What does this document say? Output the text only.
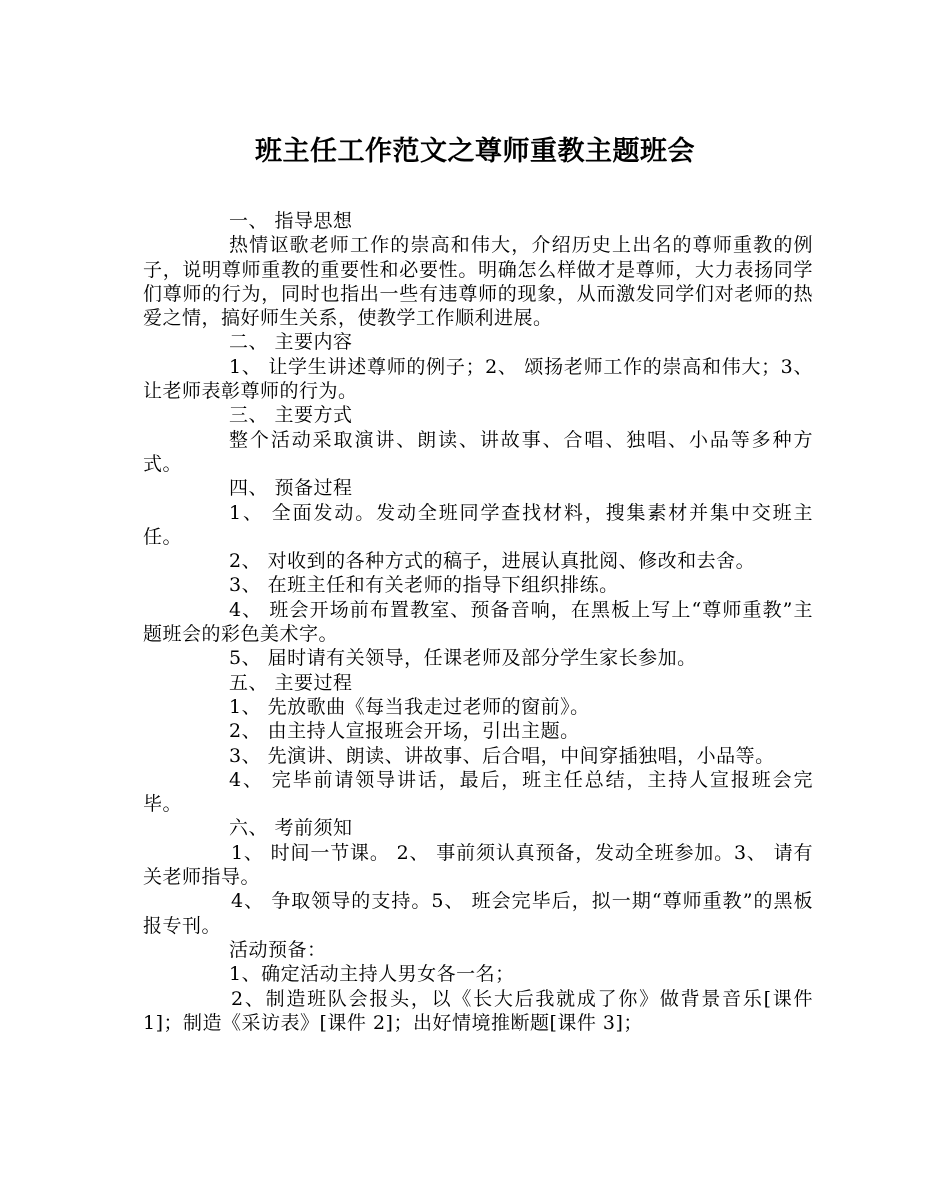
班主任工作范文之尊师重教主题班会

一、 指导思想

热情讴歌老师工作的崇高和伟大，介绍历史上出名的尊师重教的例子，说明尊师重教的重要性和必要性。明确怎么样做才是尊师，大力表扬同学们尊师的行为，同时也指出一些有违尊师的现象，从而激发同学们对老师的热爱之情，搞好师生关系，使教学工作顺利进展。

二、 主要内容

1、 让学生讲述尊师的例子；2、 颂扬老师工作的崇高和伟大；3、 让老师表彰尊师的行为。

三、 主要方式

整个活动采取演讲、朗读、讲故事、合唱、独唱、小品等多种方式。

四、 预备过程

1、 全面发动。发动全班同学查找材料，搜集素材并集中交班主任。

2、 对收到的各种方式的稿子，进展认真批阅、修改和去舍。

3、 在班主任和有关老师的指导下组织排练。

4、 班会开场前布置教室、预备音响，在黑板上写上“尊师重教”主题班会的彩色美术字。

5、 届时请有关领导，任课老师及部分学生家长参加。

五、 主要过程

1、 先放歌曲《每当我走过老师的窗前》。

2、 由主持人宣报班会开场，引出主题。

3、 先演讲、朗读、讲故事、后合唱，中间穿插独唱，小品等。

4、 完毕前请领导讲话，最后，班主任总结，主持人宣报班会完毕。

六、 考前须知

1、 时间一节课。 2、 事前须认真预备，发动全班参加。3、 请有关老师指导。

4、 争取领导的支持。5、 班会完毕后，拟一期“尊师重教”的黑板报专刊。

活动预备：

1、确定活动主持人男女各一名；

2、制造班队会报头，以《长大后我就成了你》做背景音乐[课件 1]；制造《采访表》[课件 2]；出好情境推断题[课件 3]；
